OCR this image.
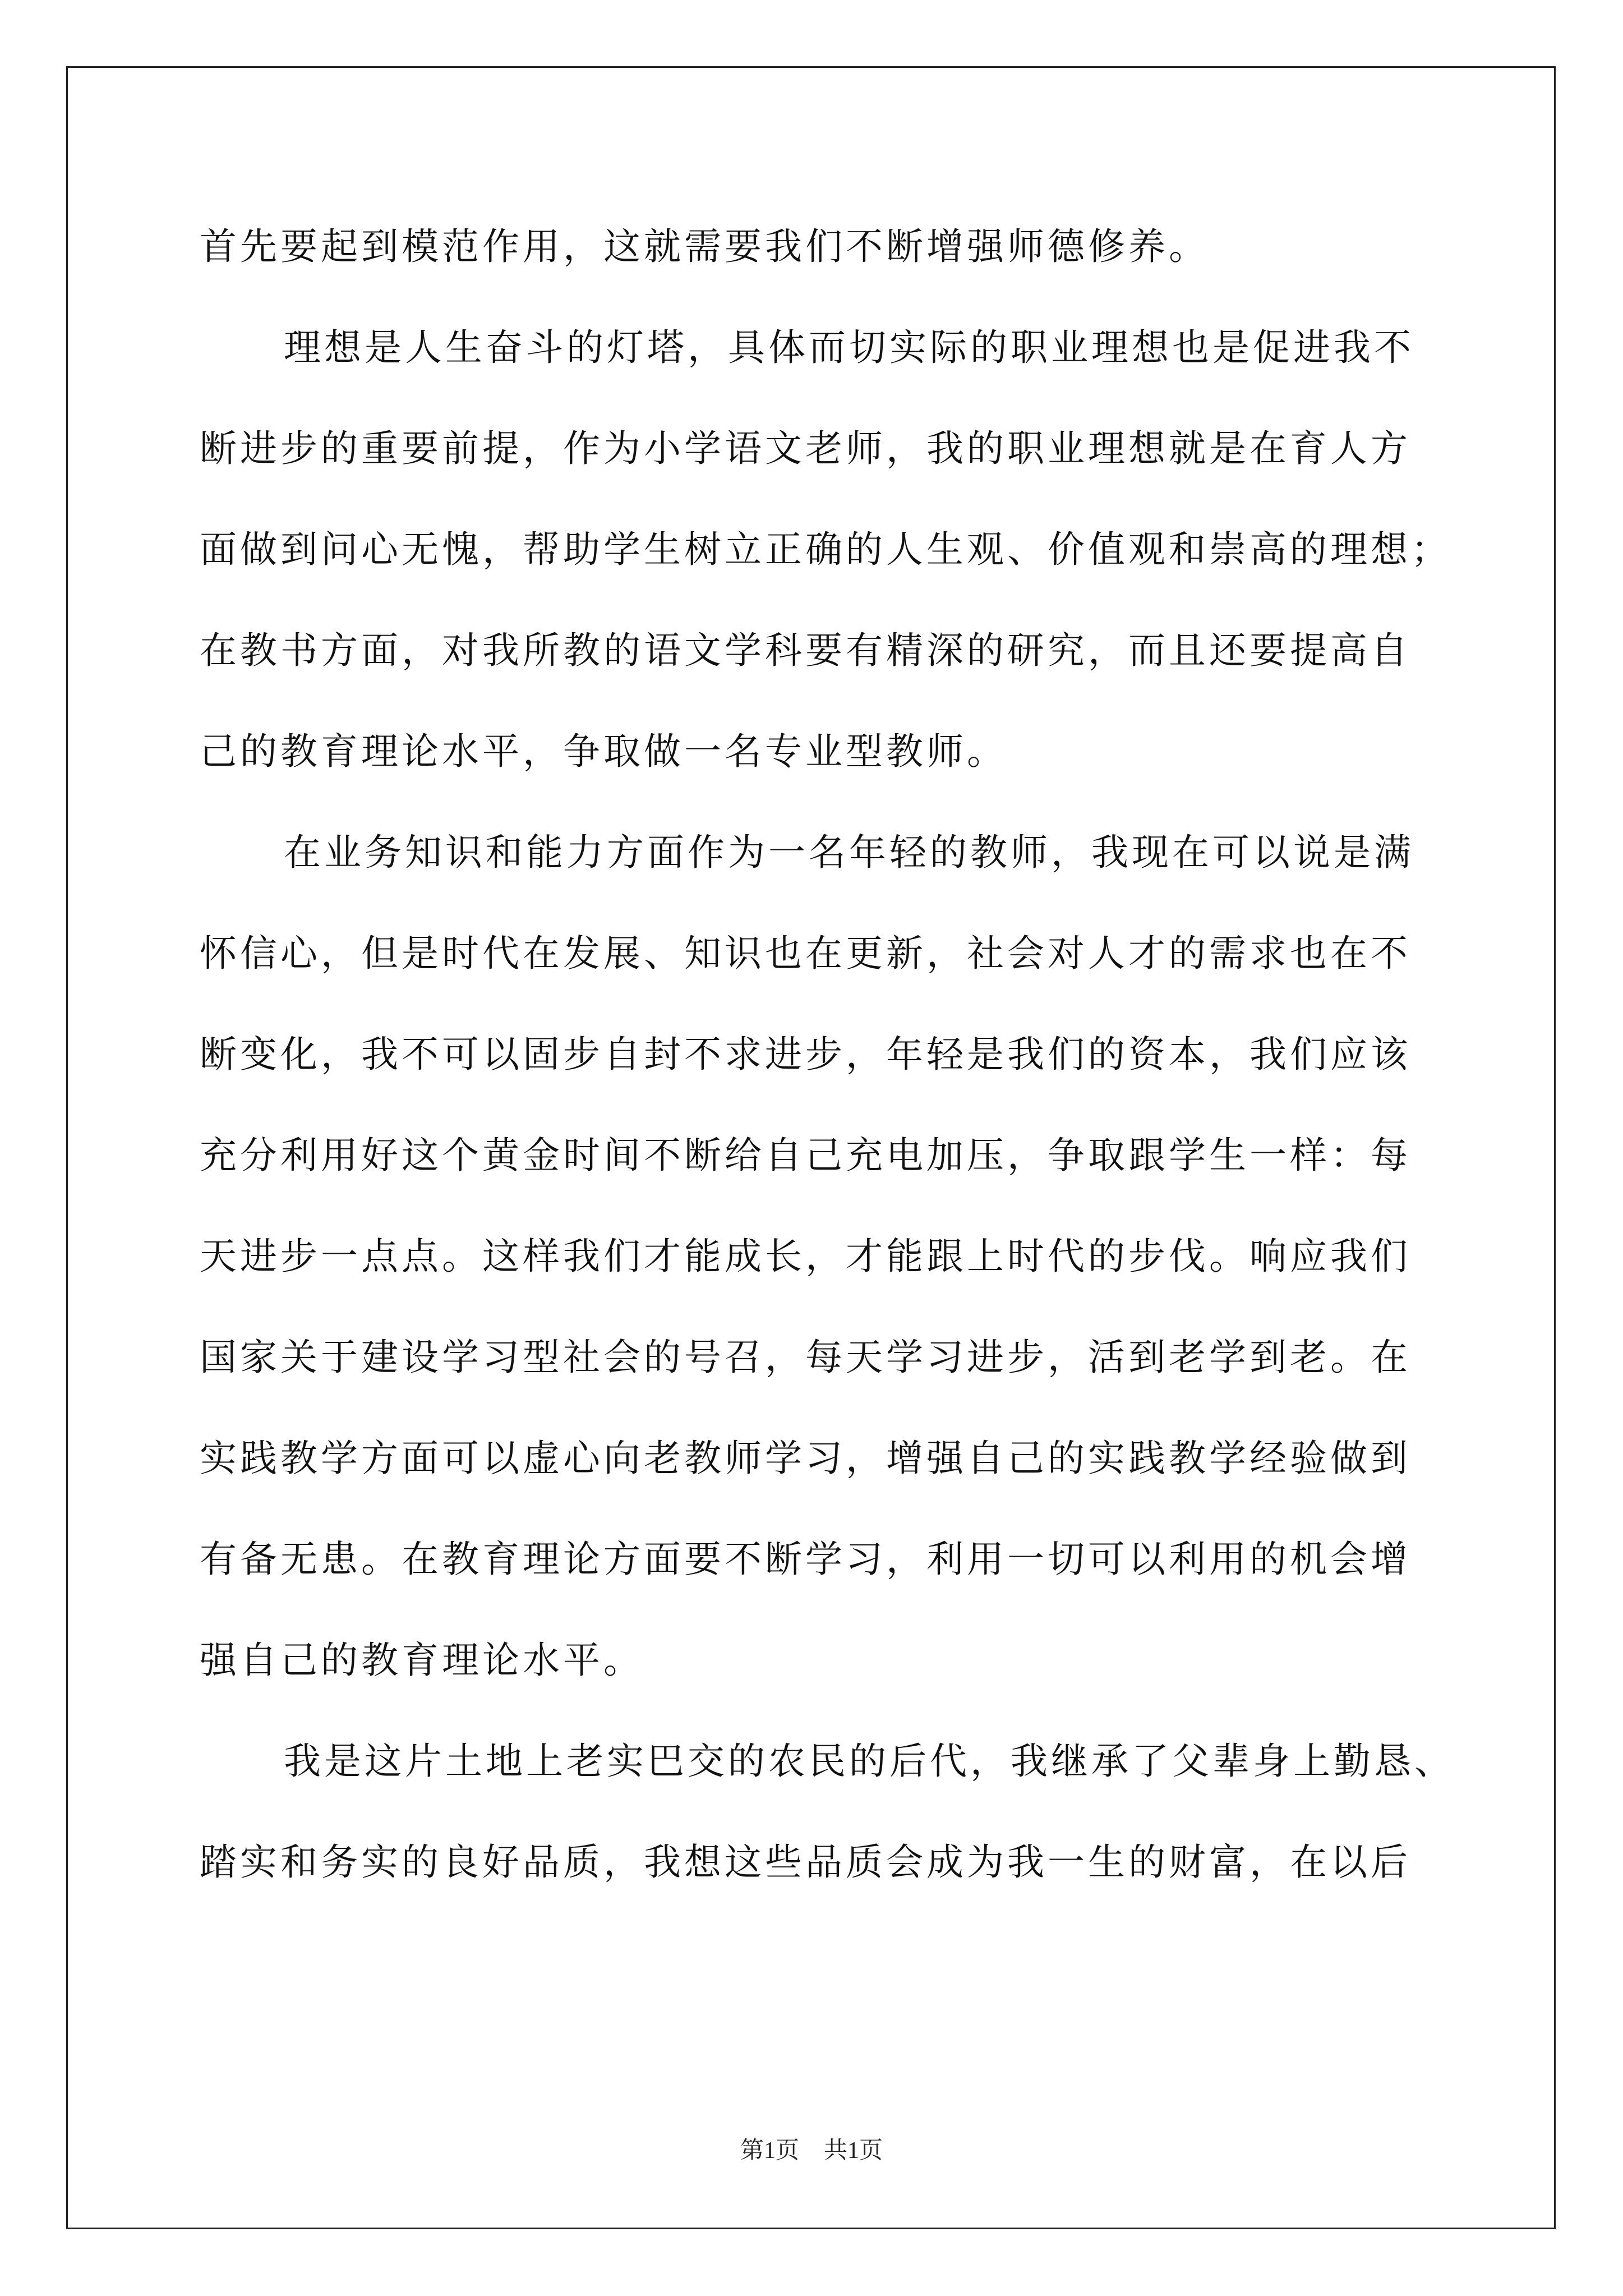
首先要起到模范作用，这就需要我们不断增强师德修养。
理想是人生奋斗的灯塔，具体而切实际的职业理想也是促进我不
断进步的重要前提，作为小学语文老师，我的职业理想就是在育人方
面做到问心无愧，帮助学生树立正确的人生观、价值观和崇高的理想；
在教书方面，对我所教的语文学科要有精深的研究，而且还要提高自
己的教育理论水平，争取做一名专业型教师。
在业务知识和能力方面作为一名年轻的教师，我现在可以说是满
怀信心，但是时代在发展、知识也在更新，社会对人才的需求也在不
断变化，我不可以固步自封不求进步，年轻是我们的资本，我们应该
充分利用好这个黄金时间不断给自己充电加压，争取跟学生一样：每
天进步一点点。这样我们才能成长，才能跟上时代的步伐。响应我们
国家关于建设学习型社会的号召，每天学习进步，活到老学到老。在
实践教学方面可以虚心向老教师学习，增强自己的实践教学经验做到
有备无患。在教育理论方面要不断学习，利用一切可以利用的机会增
强自己的教育理论水平。
我是这片土地上老实巴交的农民的后代，我继承了父辈身上勤恳、
踏实和务实的良好品质，我想这些品质会成为我一生的财富，在以后
第1页 共1页
